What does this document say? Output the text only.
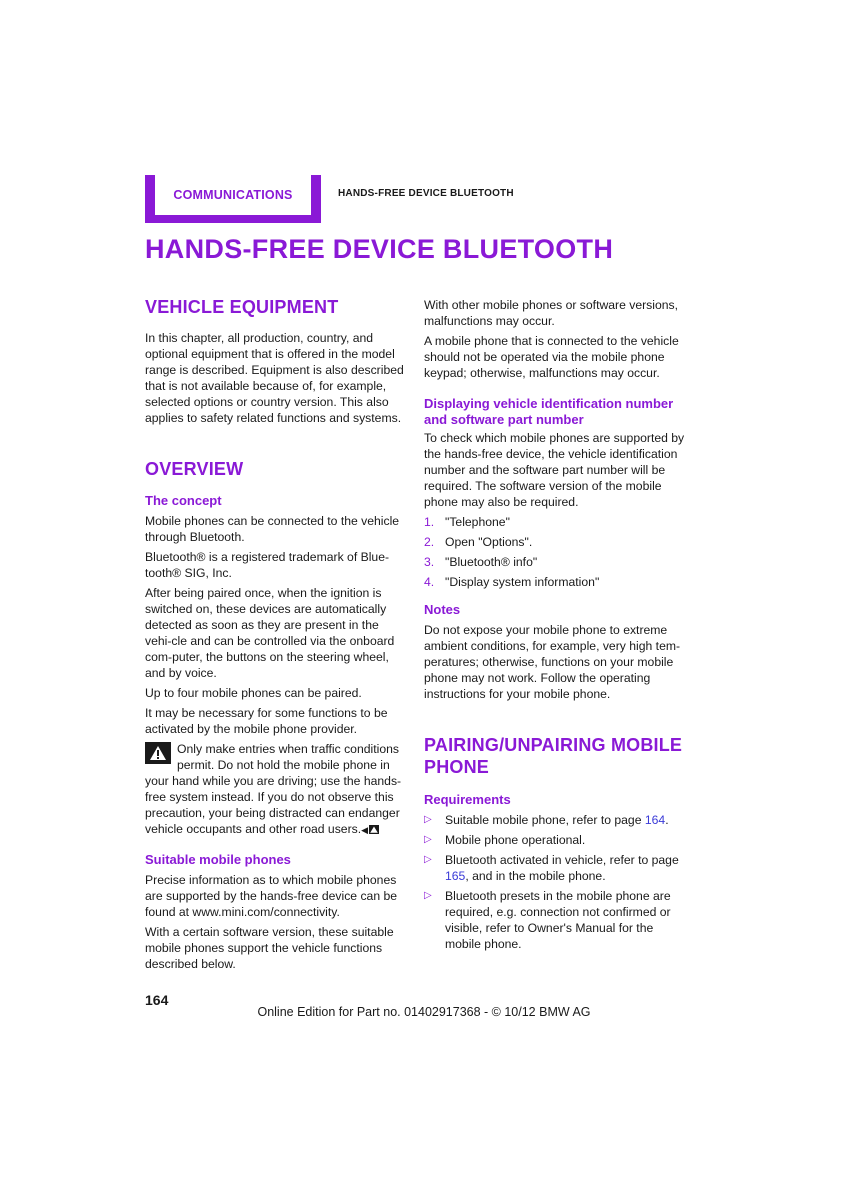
COMMUNICATIONS	HANDS-FREE DEVICE BLUETOOTH
HANDS-FREE DEVICE BLUETOOTH
VEHICLE EQUIPMENT

In this chapter, all production, country, and optional equipment that is offered in the model range is described. Equipment is also described that is not available because of, for example, selected options or country version. This also applies to safety related functions and systems.

OVERVIEW
The concept

Mobile phones can be connected to the vehicle through Bluetooth.

Bluetooth® is a registered trademark of Blue-tooth® SIG, Inc.

After being paired once, when the ignition is switched on, these devices are automatically detected as soon as they are present in the vehi-cle and can be controlled via the onboard com-puter, the buttons on the steering wheel, and by voice.

Up to four mobile phones can be paired.

It may be necessary for some functions to be activated by the mobile phone provider.

Only make entries when traffic conditions permit. Do not hold the mobile phone in your hand while you are driving; use the hands-free system instead. If you do not observe this precaution, your being distracted can endanger vehicle occupants and other road users.◀
Suitable mobile phones

Precise information as to which mobile phones are supported by the hands-free device can be found at www.mini.com/connectivity.

With a certain software version, these suitable mobile phones support the vehicle functions described below.

With other mobile phones or software versions, malfunctions may occur.

A mobile phone that is connected to the vehicle should not be operated via the mobile phone keypad; otherwise, malfunctions may occur.

Displaying vehicle identification number and software part number

To check which mobile phones are supported by the hands-free device, the vehicle identification number and the software part number will be required. The software version of the mobile phone may also be required.

1. "Telephone"
2. Open "Options".
3. "Bluetooth® info"
4. "Display system information"
Notes

Do not expose your mobile phone to extreme ambient conditions, for example, very high tem-peratures; otherwise, functions on your mobile phone may not work. Follow the operating instructions for your mobile phone.

PAIRING/UNPAIRING MOBILE PHONE
Requirements
▷	Suitable mobile phone, refer to page 164.
▷	Mobile phone operational.
▷	Bluetooth activated in vehicle, refer to page 165, and in the mobile phone.
▷	Bluetooth presets in the mobile phone are required, e.g. connection not confirmed or visible, refer to Owner's Manual for the mobile phone.
164
Online Edition for Part no. 01402917368 - © 10/12 BMW AG
